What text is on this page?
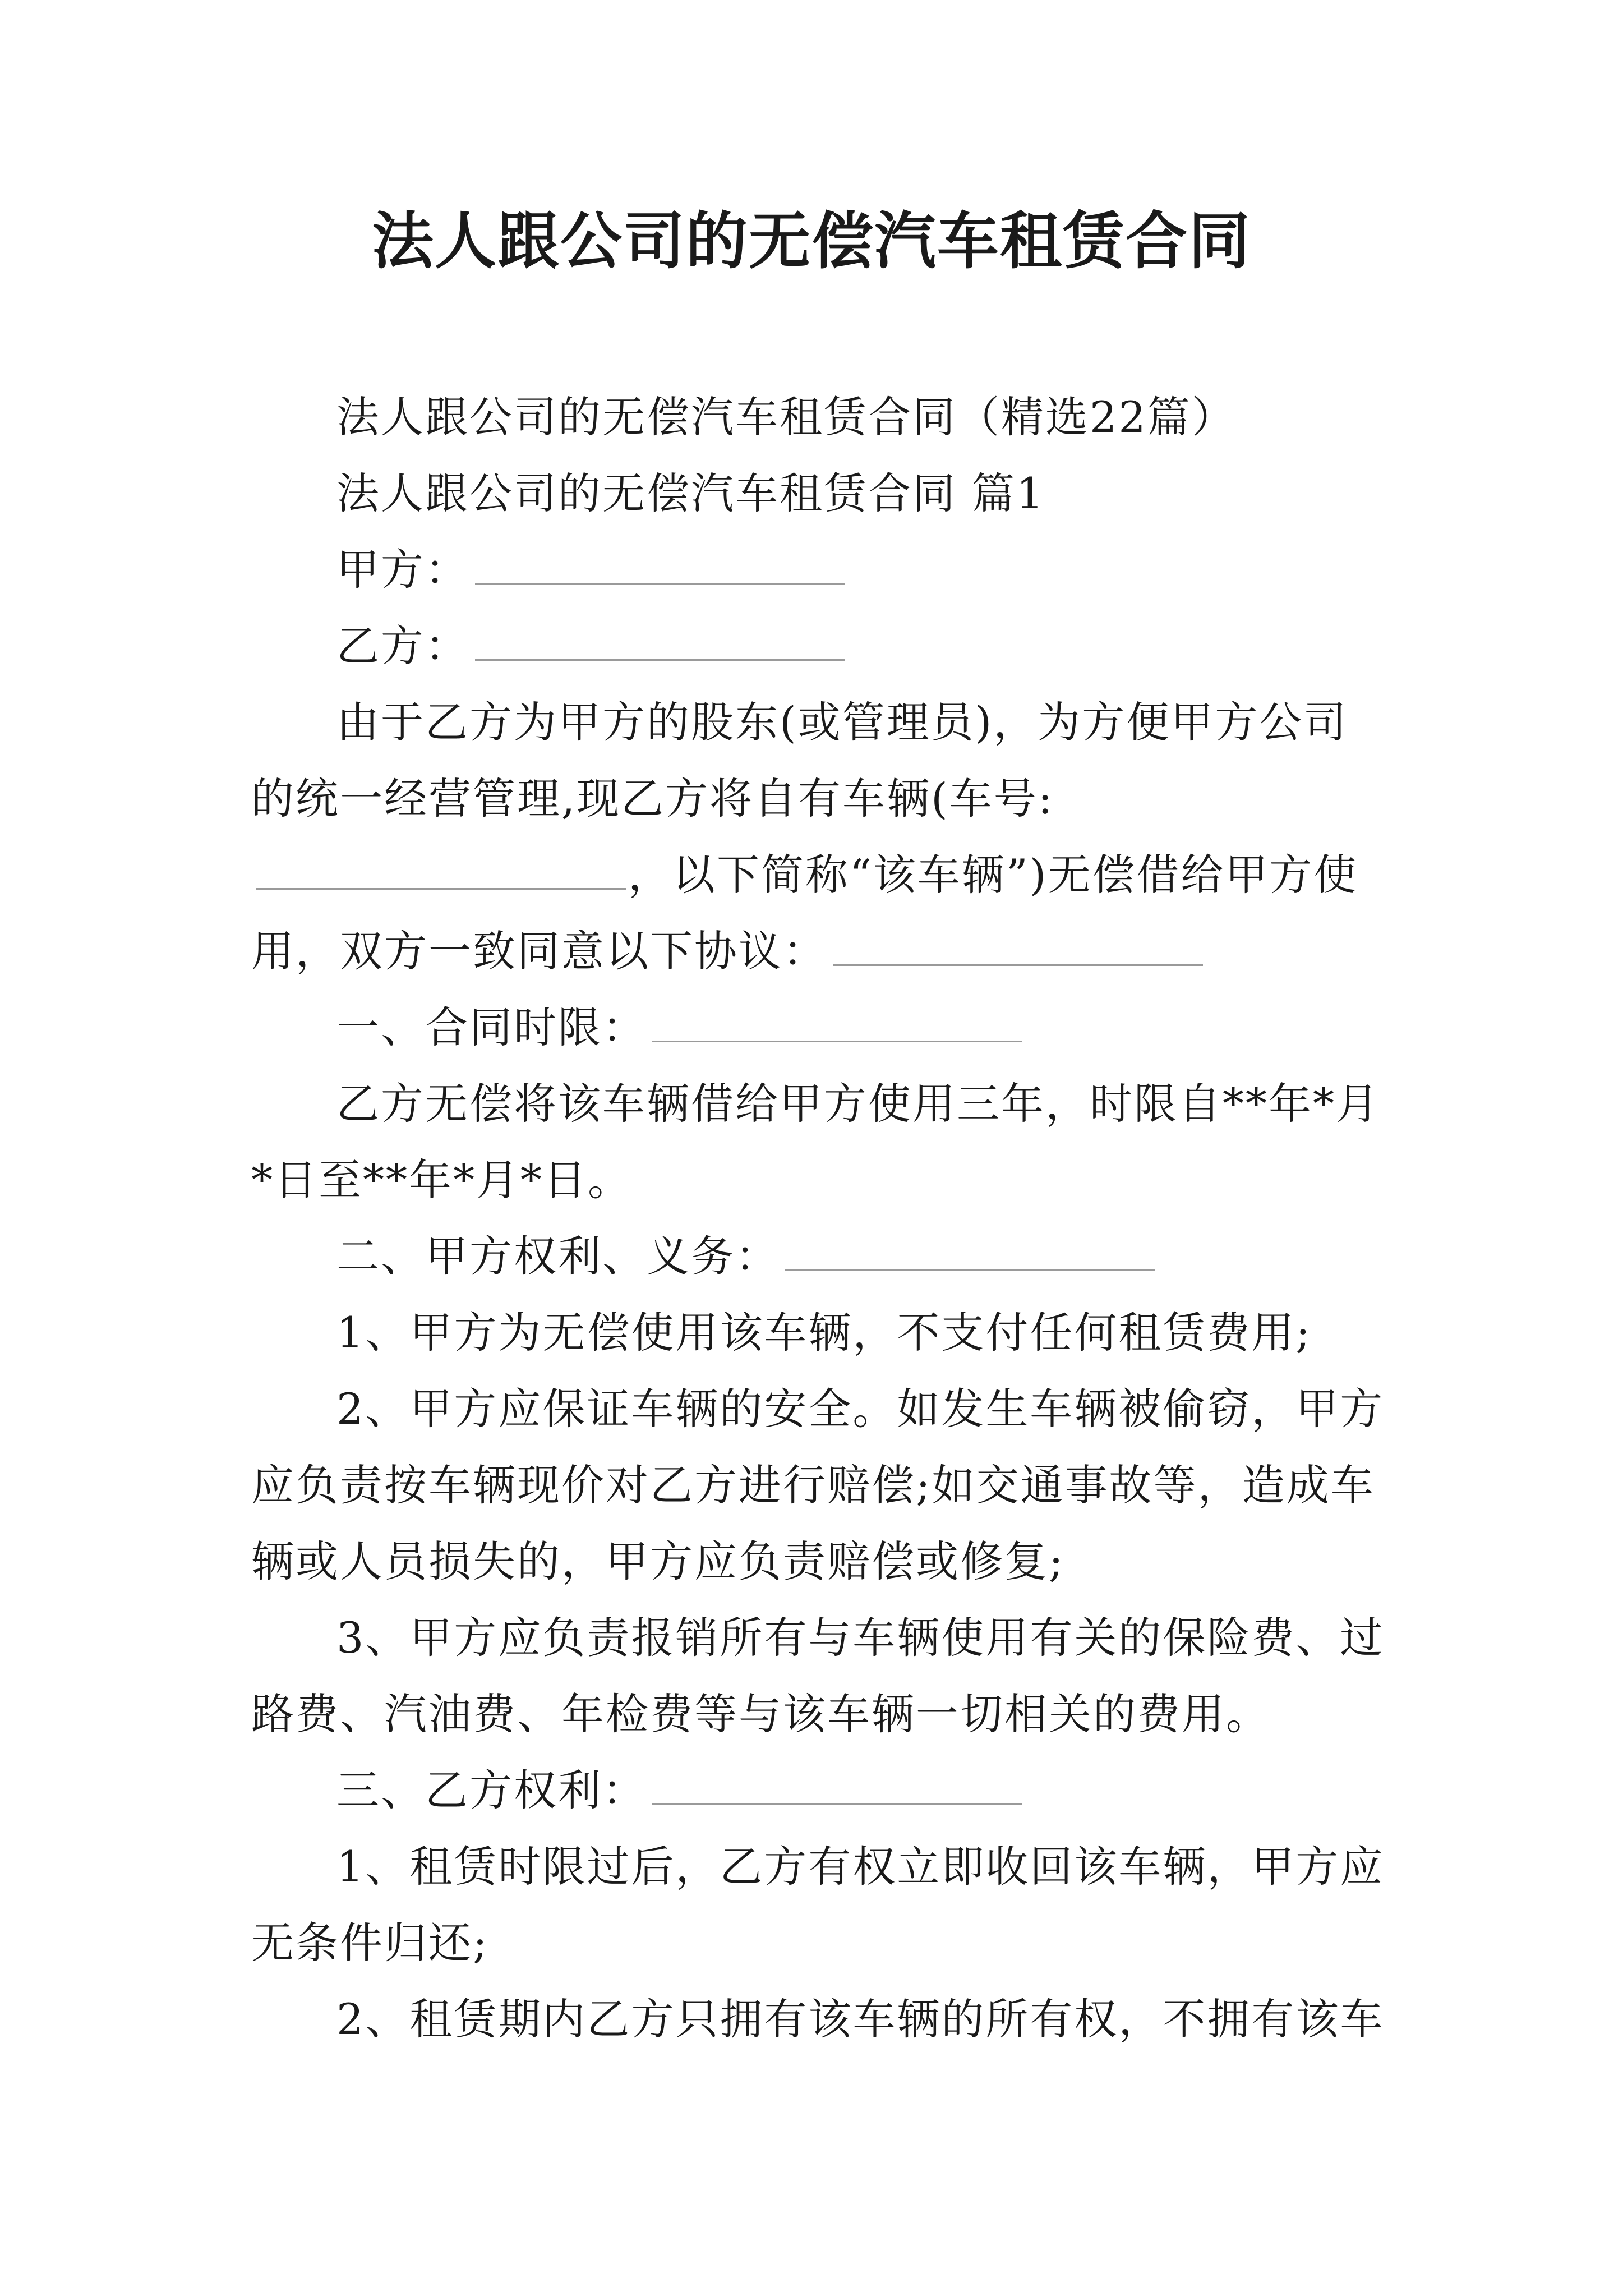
法人跟公司的无偿汽车租赁合同

法人跟公司的无偿汽车租赁合同（精选22篇）

法人跟公司的无偿汽车租赁合同 篇1

甲方：

乙方：

由于乙方为甲方的股东(或管理员)，为方便甲方公司的统一经营管理,现乙方将自有车辆(车号:，以下简称“该车辆”)无偿借给甲方使用，双方一致同意以下协议：

一、合同时限：

乙方无偿将该车辆借给甲方使用三年，时限自**年*月*日至**年*月*日。

二、甲方权利、义务：

1、甲方为无偿使用该车辆，不支付任何租赁费用;

2、甲方应保证车辆的安全。如发生车辆被偷窃，甲方应负责按车辆现价对乙方进行赔偿;如交通事故等，造成车辆或人员损失的，甲方应负责赔偿或修复;

3、甲方应负责报销所有与车辆使用有关的保险费、过路费、汽油费、年检费等与该车辆一切相关的费用。

三、乙方权利：

1、租赁时限过后，乙方有权立即收回该车辆，甲方应无条件归还;

2、租赁期内乙方只拥有该车辆的所有权，不拥有该车
